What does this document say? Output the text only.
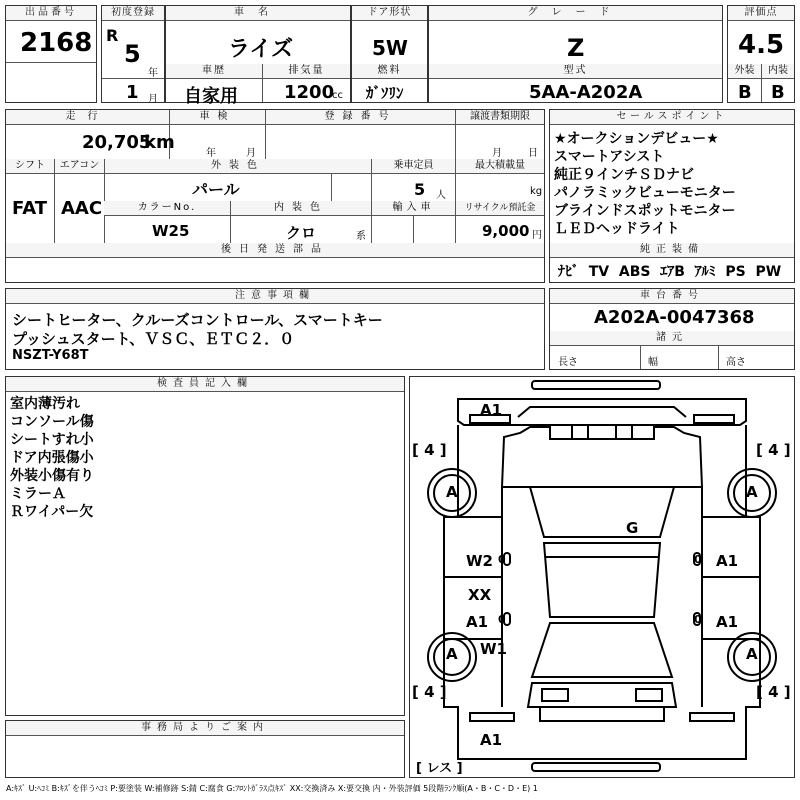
出品番号
2168
初度登録
R
5
年
1 月
車名
ライズ
車歴	排気量
自家用	1200
cc
ドア形状
5W
燃料
ｶﾞｿﾘﾝ
グレード
Z
型式
5AA-A202A
評価点
4.5
外装	内装
B B
走行	車検	登録番号	譲渡書類期限
20,705
km
年	月	月	日
シフト	エアコン	外装色	乗車定員	最大積載量
FAT AAC
パール	5 人	kg
カラーNo.	内装色	輸入車	リサイクル預託金
W25	クロ	系	9,000 円
後日発送部品
セールスポイント
★オークションデビュー★
スマートアシスト
純正９インチＳＤナビ
パノラミックビューモニター
ブラインドスポットモニター
ＬＥＤヘッドライト
純正装備
ﾅﾋﾞ TV ABS ｴｱB ｱﾙﾐ PS PW
注意事項欄
シートヒーター、クルーズコントロール、スマートキー
プッシュスタート、ＶＳＣ、ＥＴＣ２．０
NSZT-Y68T
車台番号
A202A-0047368
諸元
長さ	幅	高さ
検査員記入欄
室内薄汚れ
コンソール傷
シートすれ小
ドア内張傷小
外装小傷有り
ミラーＡ
Ｒワイパー欠
事務局よりご案内
A1
A	A
A	A
G
W2 0	A1
0
XX
A1 0	A1
0
W1
A1
[ 4 ]	[ 4 ]
[ 4 ]	[ 4 ]
[ レス ]
A:ｷｽﾞ U:ﾍｺﾐ B:ｷｽﾞを伴うﾍｺﾐ P:要塗装 W:補修跡 S:錆 C:腐食 G:ﾌﾛﾝﾄｶﾞﾗｽ点ｷｽﾞ XX:交換済み X:要交換 内・外装評価 5段階ﾗﾝｸ順(A・B・C・D・E) 1
